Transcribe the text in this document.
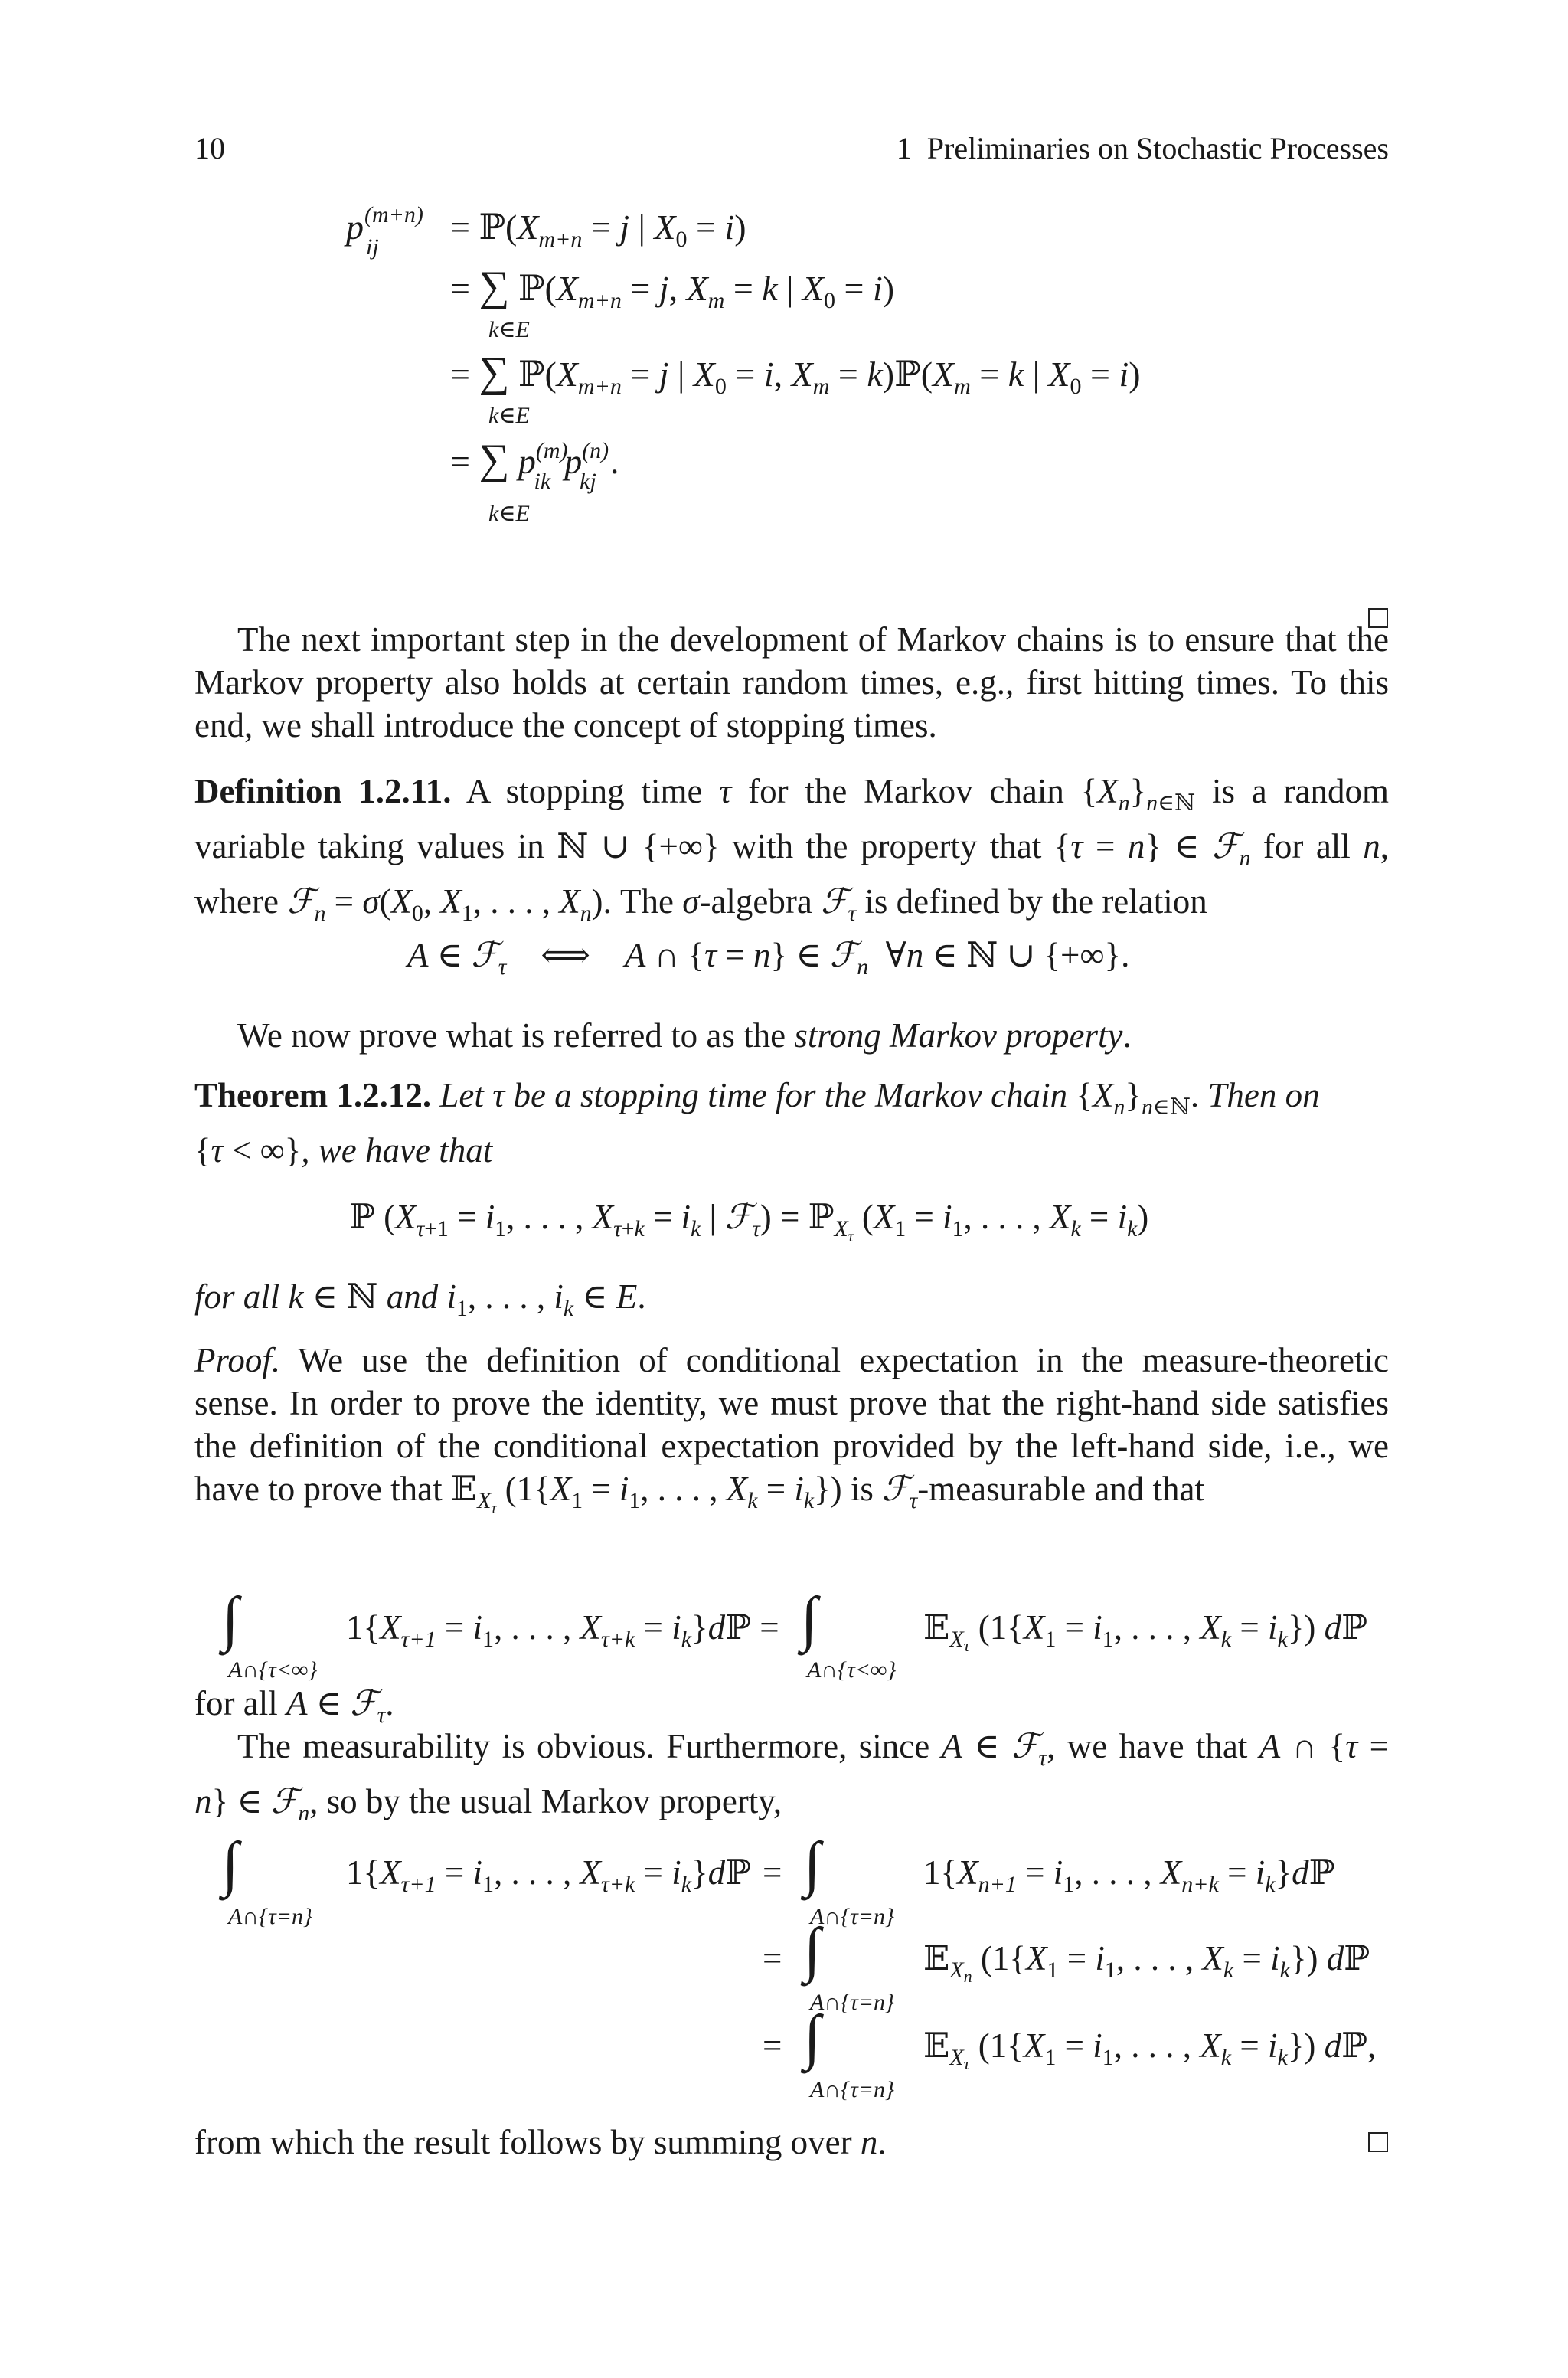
10	1  Preliminaries on Stochastic Processes
p (m+n)
ij
= $ℙ(X_{m+n} = j$ | $X_0 = i$)
= ∑ $ℙ(X_{m+n} = j$, $X_m = k$ | $X_0 = i$)
k∈E
= ∑ $ℙ(X_{m+n} = j$ | $X_0 = i$, $X_m$ = $k)ℙ(X_m = k$ | $X_0 = i$)
k∈E
= ∑ $p^{(m)}$ ikp$^{(n)}$ kj.
k∈E
The next important step in the development of Markov chains is to ensure that the
Markov property also holds at certain random times, e.g., first hitting times. To this
end, we shall introduce the concept of stopping times.
Definition 1.2.11. A stopping time τ for the Markov chain $\{X_n\}_{n\in ℕ}$ is a random
variable taking values in ℕ ∪ {+∞} with the property that {τ = n} ∈ ℱ$_n$ for all n,
where ℱ$_n$ = $\sigma(X_0$, $X_1$, . . . , $X_n$). The σ-algebra ℱ$_\tau$ is defined by the relation
A ∈ ℱ$_\tau$    ⟺    A ∩ {τ = n} ∈ ℱ$_n$  ∀n ∈ ℕ ∪ {+∞}.
We now prove what is referred to as the strong Markov property.
Theorem 1.2.12. Let τ be a stopping time for the Markov chain $\{X_n\}_{n\in ℕ}$. Then on
{τ < ∞}, we have that
ℙ ($X_{\tau+1} = i_1$, . . . , $X_{\tau+k} = i_k$ | ℱ$_\tau$) = ℙ$_{X_\tau}$ ($X_1 = i_1$, . . . , $X_k = i_k$)
for all k ∈ ℕ and $i_1$, . . . , $i_k$ ∈ E.
Proof. We use the definition of conditional expectation in the measure-theoretic
sense. In order to prove the identity, we must prove that the right-hand side satisfies
the definition of the conditional expectation provided by the left-hand side, i.e., we
have to prove that 𝔼$_{X_\tau}$ ($1\{X_1 = i_1$, . . . , $X_k = i_k$}) is ℱ$_\tau$-measurable and that
∫
A∩{τ<∞}
$1\{X_{\tau+1} = i_1$, . . . , $X_{\tau+k}$ = $i_k\}dℙ$ = ∫
A∩{τ<∞}
𝔼$_X$τ ($1\{X_1 = i_1$, . . . , $X_k = i_k$}) dℙ
for all A ∈ ℱ$_\tau$.
The measurability is obvious. Furthermore, since A ∈ ℱ$_\tau$, we have that A ∩ {τ =
n} ∈ ℱ$_n$, so by the usual Markov property,
∫
A∩{τ=n}
$1\{X_{\tau+1} = i_1$, . . . , $X_{\tau+k}$ = $i_k\}dℙ$ = ∫
A∩{τ=n}
$1\{X_{n+1} = i_1$, . . . , $X_{n+k}$ = $i_k\}dℙ$
= ∫
A∩{τ=n}
𝔼$_X$n ($1\{X_1 = i_1$, . . . , $X_k = i_k$}) dℙ
= ∫
A∩{τ=n}
𝔼$_X$τ ($1\{X_1 = i_1$, . . . , $X_k = i_k$}) dℙ,
from which the result follows by summing over n.
